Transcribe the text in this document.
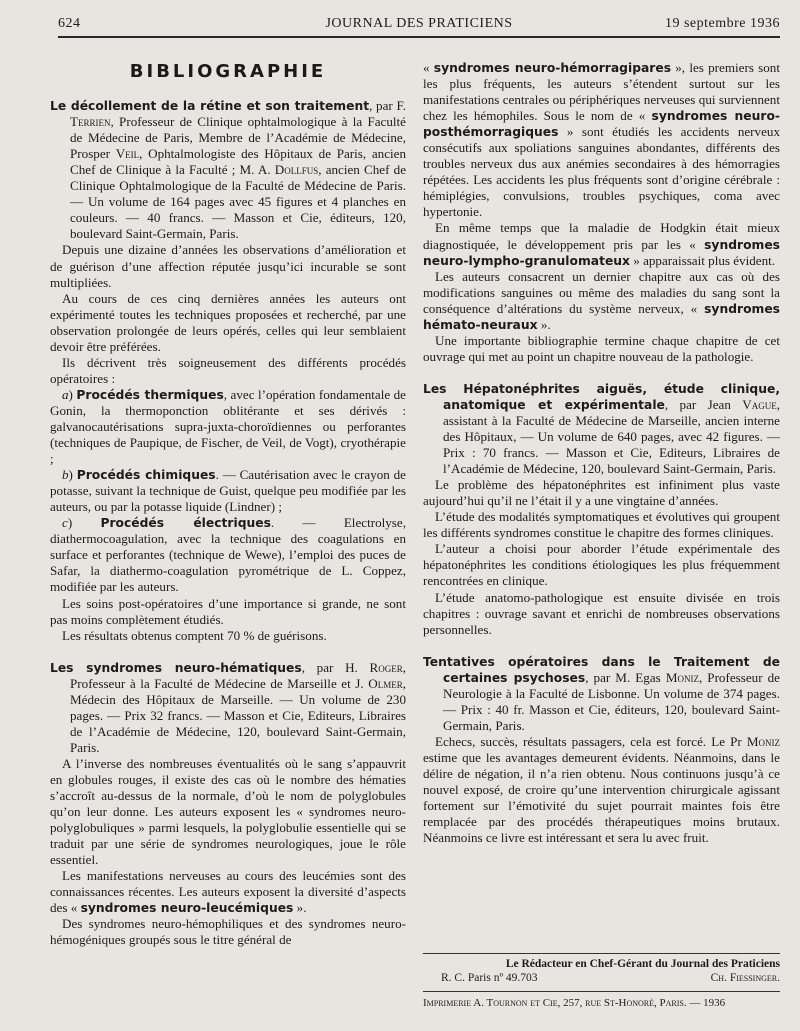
624	JOURNAL DES PRATICIENS	19 septembre 1936

BIBLIOGRAPHIE

Le décollement de la rétine et son traitement, par F. Terrien, Professeur de Clinique ophtalmologique à la Faculté de Médecine de Paris, Membre de l’Académie de Médecine, Prosper Veil, Ophtalmologiste des Hôpitaux de Paris, ancien Chef de Clinique à la Faculté ; M. A. Dollfus, ancien Chef de Clinique Ophtalmologique de la Faculté de Médecine de Paris. — Un volume de 164 pages avec 45 figures et 4 planches en couleurs. — 40 francs. — Masson et Cie, éditeurs, 120, boulevard Saint-Germain, Paris.

Depuis une dizaine d’années les observations d’amélioration et de guérison d’une affection réputée jusqu’ici incurable se sont multipliées.

Au cours de ces cinq dernières années les auteurs ont expérimenté toutes les techniques proposées et recherché, par une observation prolongée de leurs opérés, celles qui leur semblaient devoir être préférées.

Ils décrivent très soigneusement des différents procédés opératoires :

a) Procédés thermiques, avec l’opération fondamentale de Gonin, la thermoponction oblitérante et ses dérivés : galvanocautérisations supra-juxta-choroïdiennes ou perforantes (techniques de Paupique, de Fischer, de Veil, de Vogt), cryothérapie ;

b) Procédés chimiques. — Cautérisation avec le crayon de potasse, suivant la technique de Guist, quelque peu modifiée par les auteurs, ou par la potasse liquide (Lindner) ;

c) Procédés électriques. — Electrolyse, diathermocoagulation, avec la technique des coagulations en surface et perforantes (technique de Wewe), l’emploi des puces de Safar, la diathermo-coagulation pyrométrique de L. Coppez, modifiée par les auteurs.

Les soins post-opératoires d’une importance si grande, ne sont pas moins complètement étudiés.

Les résultats obtenus comptent 70 % de guérisons.

Les syndromes neuro-hématiques, par H. Roger, Professeur à la Faculté de Médecine de Marseille et J. Olmer, Médecin des Hôpitaux de Marseille. — Un volume de 230 pages. — Prix 32 francs. — Masson et Cie, Editeurs, Libraires de l’Académie de Médecine, 120, boulevard Saint-Germain, Paris.

A l’inverse des nombreuses éventualités où le sang s’appauvrit en globules rouges, il existe des cas où le nombre des hématies s’accroît au-dessus de la normale, d’où le nom de polyglobules qu’on leur donne. Les auteurs exposent les « syndromes neuro-polyglobuliques » parmi lesquels, la polyglobulie essentielle qui se traduit par une série de syndromes neurologiques, joue le rôle essentiel.

Les manifestations nerveuses au cours des leucémies sont des connaissances récentes. Les auteurs exposent la diversité d’aspects des « syndromes neuro-leucémiques ».

Des syndromes neuro-hémophiliques et des syndromes neuro-hémogéniques groupés sous le titre général de

« syndromes neuro-hémorragipares », les premiers sont les plus fréquents, les auteurs s’étendent surtout sur les manifestations centrales ou périphériques nerveuses qui surviennent chez les hémophiles. Sous le nom de « syndromes neuro-posthémorragiques » sont étudiés les accidents nerveux consécutifs aux spoliations sanguines abondantes, différents des troubles nerveux dus aux anémies secondaires à des hémorragies répétées. Les accidents les plus fréquents sont d’origine cérébrale : hémiplégies, convulsions, troubles psychiques, coma avec hypertonie.

En même temps que la maladie de Hodgkin était mieux diagnostiquée, le développement pris par les « syndromes neuro-lympho-granulomateux » apparaissait plus évident.

Les auteurs consacrent un dernier chapitre aux cas où des modifications sanguines ou même des maladies du sang sont la conséquence d’altérations du système nerveux, « syndromes hémato-neuraux ».

Une importante bibliographie termine chaque chapitre de cet ouvrage qui met au point un chapitre nouveau de la pathologie.

Les Hépatonéphrites aiguës, étude clinique, anatomique et expérimentale, par Jean Vague, assistant à la Faculté de Médecine de Marseille, ancien interne des Hôpitaux, — Un volume de 640 pages, avec 42 figures. — Prix : 70 francs. — Masson et Cie, Editeurs, Libraires de l’Académie de Médecine, 120, boulevard Saint-Germain, Paris.

Le problème des hépatonéphrites est infiniment plus vaste aujourd’hui qu’il ne l’était il y a une vingtaine d’années.

L’étude des modalités symptomatiques et évolutives qui groupent les différents syndromes constitue le chapitre des formes cliniques.

L’auteur a choisi pour aborder l’étude expérimentale des hépatonéphrites les conditions étiologiques les plus fréquemment rencontrées en clinique.

L’étude anatomo-pathologique est ensuite divisée en trois chapitres : ouvrage savant et enrichi de nombreuses observations personnelles.

Tentatives opératoires dans le Traitement de certaines psychoses, par M. Egas Moniz, Professeur de Neurologie à la Faculté de Lisbonne. Un volume de 374 pages. — Prix : 40 fr. Masson et Cie, éditeurs, 120, boulevard Saint-Germain, Paris.

Echecs, succès, résultats passagers, cela est forcé. Le Pr Moniz estime que les avantages demeurent évidents. Néanmoins, dans le délire de négation, il n’a rien obtenu. Nous continuons jusqu’à ce nouvel exposé, de croire qu’une intervention chirurgicale agissant fortement sur l’émotivité du sujet pourrait maintes fois être remplacée par des procédés thérapeutiques moins brutaux. Néanmoins ce livre est intéressant et sera lu avec fruit.

Le Rédacteur en Chef-Gérant du Journal des Praticiens
R. C. Paris nº 49.703	Ch. Fiessinger.
Imprimerie A. Tournon et Cie, 257, rue St-Honoré, Paris. — 1936
